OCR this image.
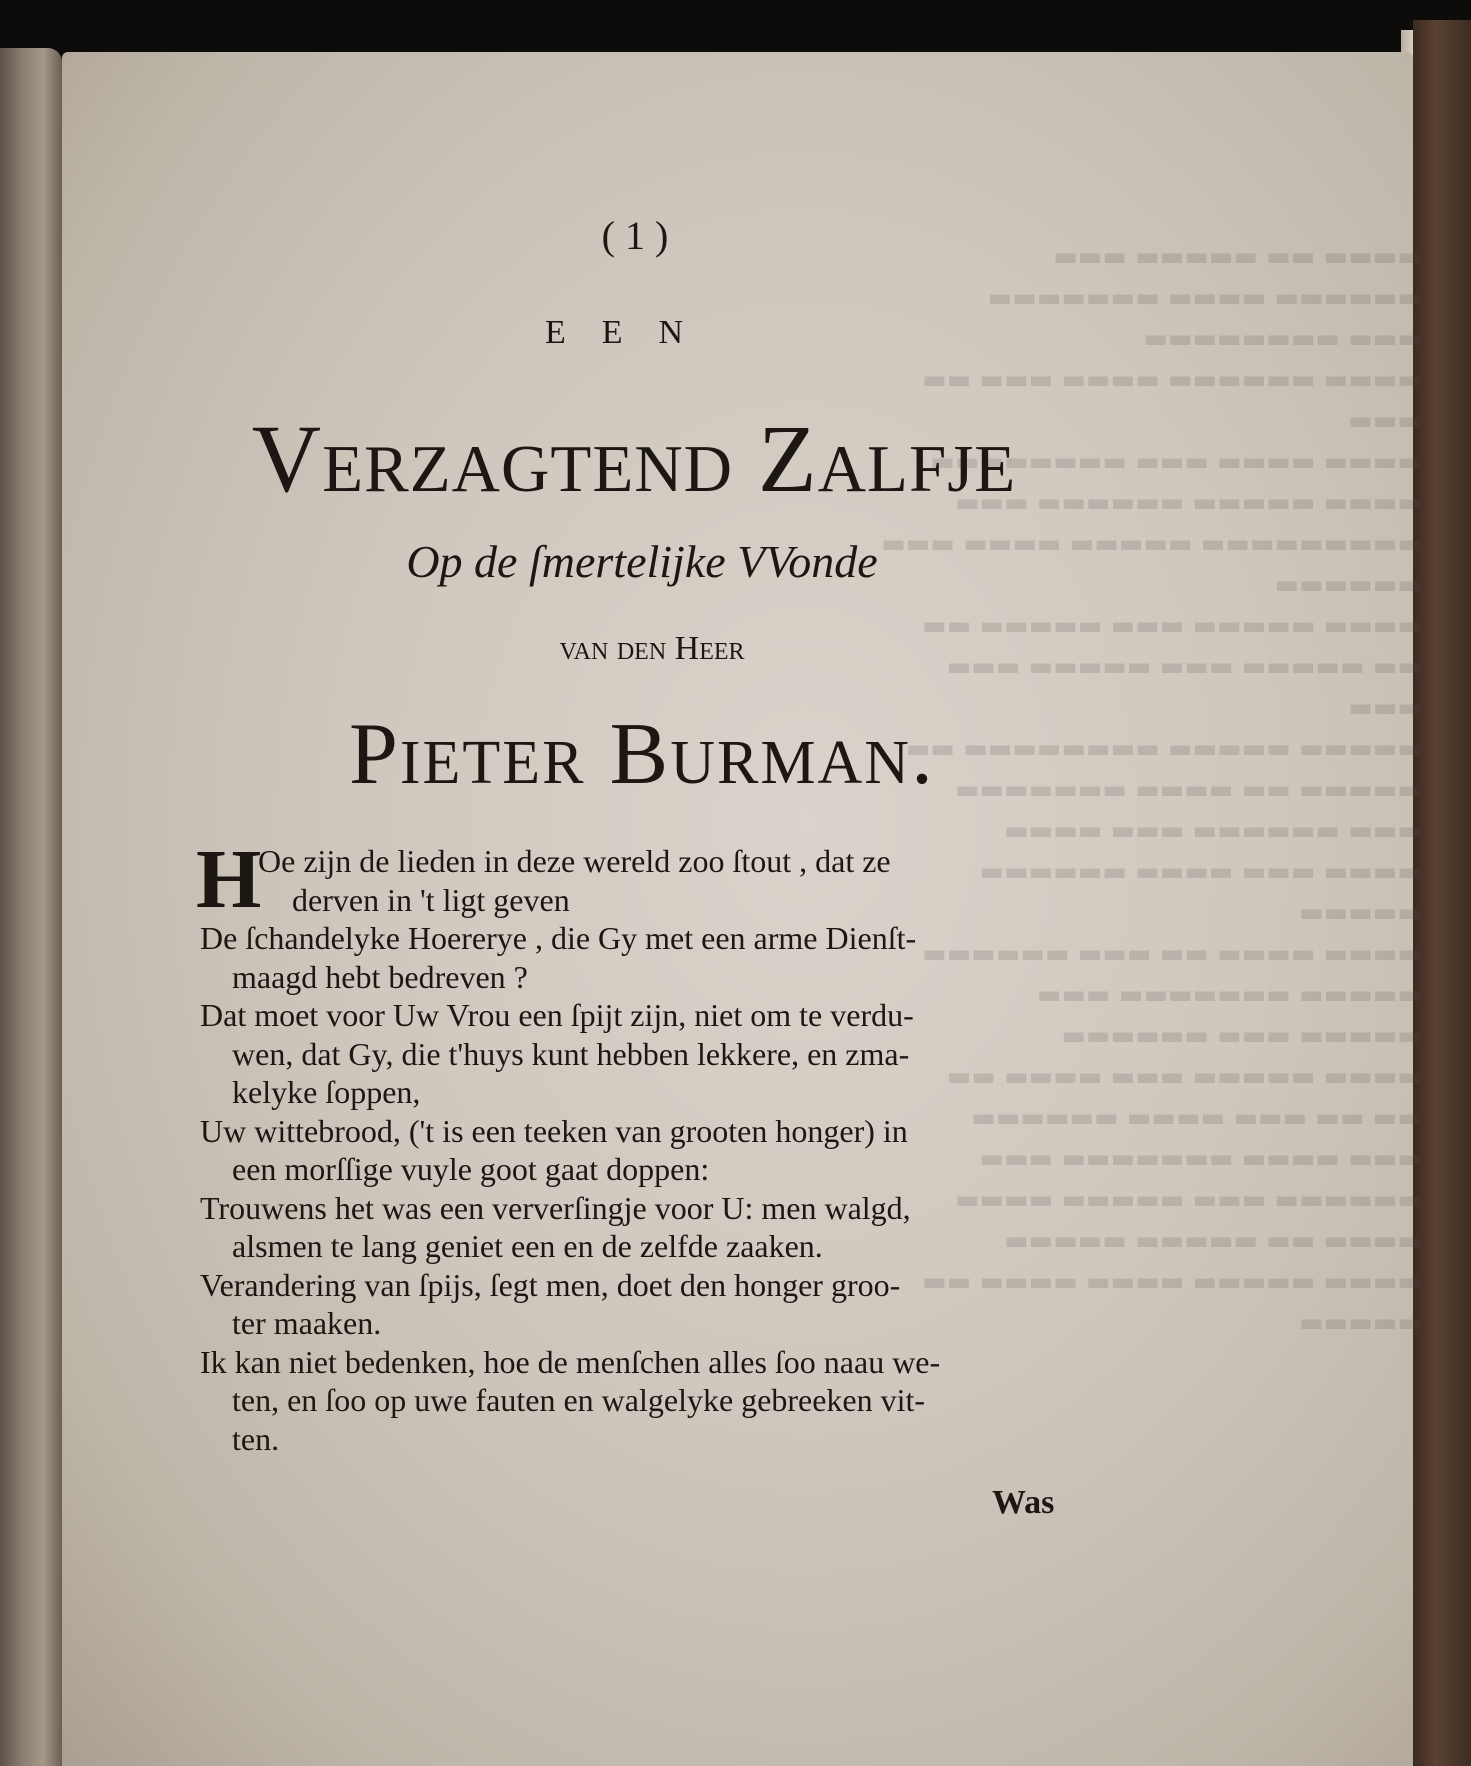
▬▬▬▬ ▬▬ ▬▬▬▬▬ ▬▬▬
▬▬▬▬▬▬ ▬▬▬▬ ▬▬▬▬▬▬▬
▬▬▬ ▬▬▬▬▬▬▬▬
▬▬▬▬ ▬▬▬▬▬▬ ▬▬▬▬ ▬▬▬ ▬▬
▬▬▬
▬▬▬▬ ▬▬▬▬ ▬▬▬ ▬▬▬▬▬▬▬▬
▬▬▬▬ ▬▬▬▬▬ ▬▬▬▬▬▬ ▬▬▬
▬▬▬▬▬▬▬▬▬ ▬▬▬▬▬ ▬▬▬▬ ▬▬▬
▬▬▬▬▬▬
▬▬▬▬ ▬▬▬▬▬ ▬▬▬ ▬▬▬▬▬ ▬▬
▬▬ ▬▬▬▬▬ ▬▬▬ ▬▬▬▬▬ ▬▬▬
▬▬▬
▬▬▬▬▬ ▬▬▬▬▬ ▬▬▬▬▬▬▬▬ ▬▬
▬▬▬▬▬ ▬▬ ▬▬▬▬ ▬▬▬▬▬▬▬
▬▬▬ ▬▬▬▬▬▬ ▬▬▬ ▬▬▬▬
▬▬▬▬ ▬▬▬ ▬▬▬▬ ▬▬▬▬▬▬
▬▬▬▬▬
▬▬▬▬ ▬▬▬▬ ▬▬ ▬▬▬ ▬▬▬▬▬▬
▬▬▬▬▬ ▬▬▬▬▬▬▬ ▬▬▬
▬▬▬▬▬ ▬▬▬ ▬▬▬▬▬▬
▬▬▬▬ ▬▬▬▬▬ ▬▬▬ ▬▬▬▬ ▬▬
▬▬ ▬▬ ▬▬▬ ▬▬▬▬ ▬▬▬▬▬▬
▬▬▬ ▬▬▬▬ ▬▬▬▬▬▬▬ ▬▬▬
▬▬▬▬▬▬ ▬▬▬ ▬▬▬▬▬ ▬▬▬▬
▬▬▬▬ ▬▬ ▬▬▬▬▬ ▬▬▬▬▬
▬▬▬▬ ▬▬▬▬▬ ▬▬▬▬ ▬▬▬▬ ▬▬
▬▬▬▬▬
(1)
EEN
Verzagtend Zalfje
Op de ſmertelijke VVonde
van den Heer
Pieter Burman.
H
Oe zijn de lieden in deze wereld zoo ſtout , dat ze
derven in 't ligt geven
De ſchandelyke Hoererye , die Gy met een arme Dienſt-
maagd hebt bedreven ?
Dat moet voor Uw Vrou een ſpijt zijn, niet om te verdu-
wen, dat Gy, die t'huys kunt hebben lekkere, en zma-
kelyke ſoppen,
Uw wittebrood, ('t is een teeken van grooten honger) in
een morſſige vuyle goot gaat doppen:
Trouwens het was een ververſingje voor U: men walgd,
alsmen te lang geniet een en de zelfde zaaken.
Verandering van ſpijs, ſegt men, doet den honger groo-
ter maaken.
Ik kan niet bedenken, hoe de menſchen alles ſoo naau we-
ten, en ſoo op uwe fauten en walgelyke gebreeken vit-
ten.
Was
